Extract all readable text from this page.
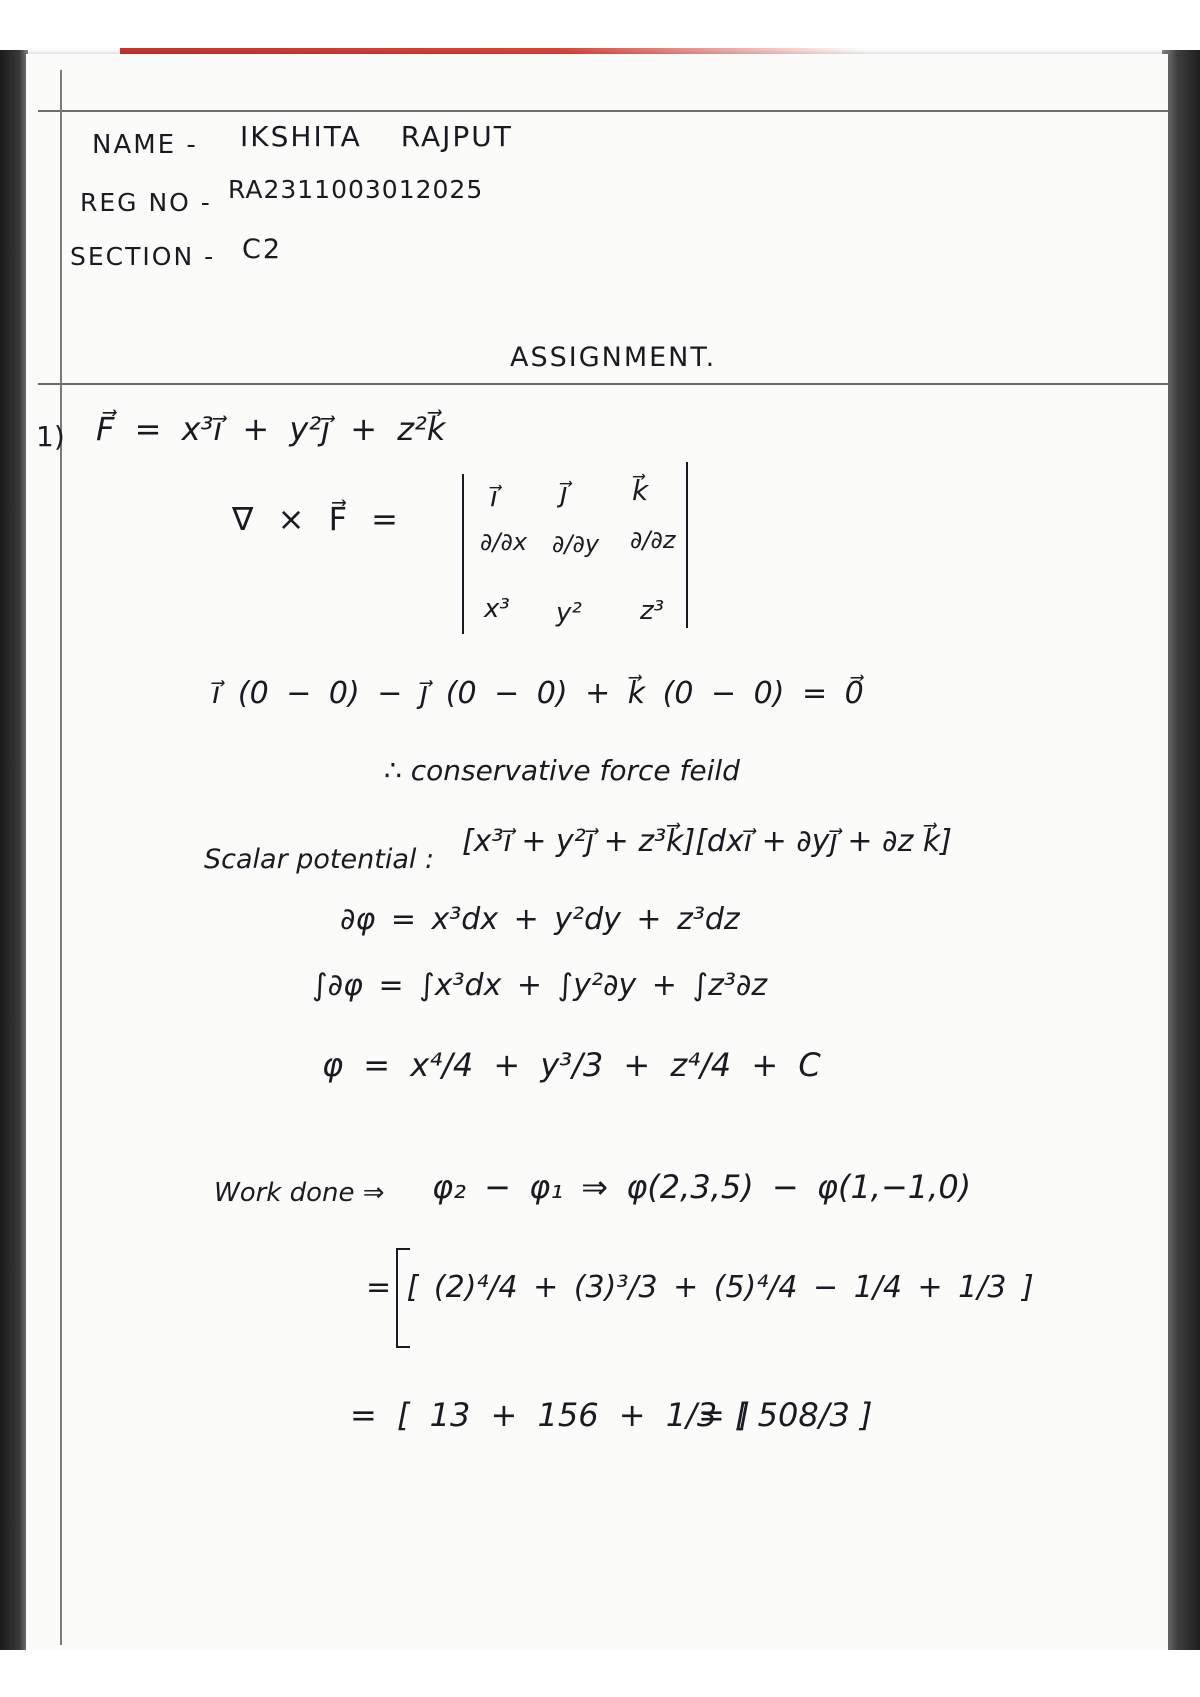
NAME - IKSHITA RAJPUT
REG NO - RA2311003012025
SECTION - C2
ASSIGNMENT.
1) F⃗ = x³i⃗ + y²j⃗ + z²k⃗
∇ × F⃗ =
i⃗ j⃗ k⃗
∂/∂x ∂/∂y ∂/∂z
x³ y² z³
i⃗ (0 − 0) − j⃗ (0 − 0) + k⃗ (0 − 0) = 0⃗
∴ conservative force feild
Scalar potential :
[x³i⃗ + y²j⃗ + z³k⃗][dxi⃗ + ∂yj⃗ + ∂z k⃗]
∂φ = x³dx + y²dy + z³dz
∫∂φ = ∫x³dx + ∫y²∂y + ∫z³∂z
φ = x⁴/4 + y³/3 + z⁴/4 + C
Work done ⇒ φ₂ − φ₁ ⇒ φ(2,3,5) − φ(1,−1,0)
= [ (2)⁴/4 + (3)³/3 + (5)⁴/4 − 1/4 + 1/3 ]
= [ 13 + 156 + 1/3 ]
= [ 508/3 ]
